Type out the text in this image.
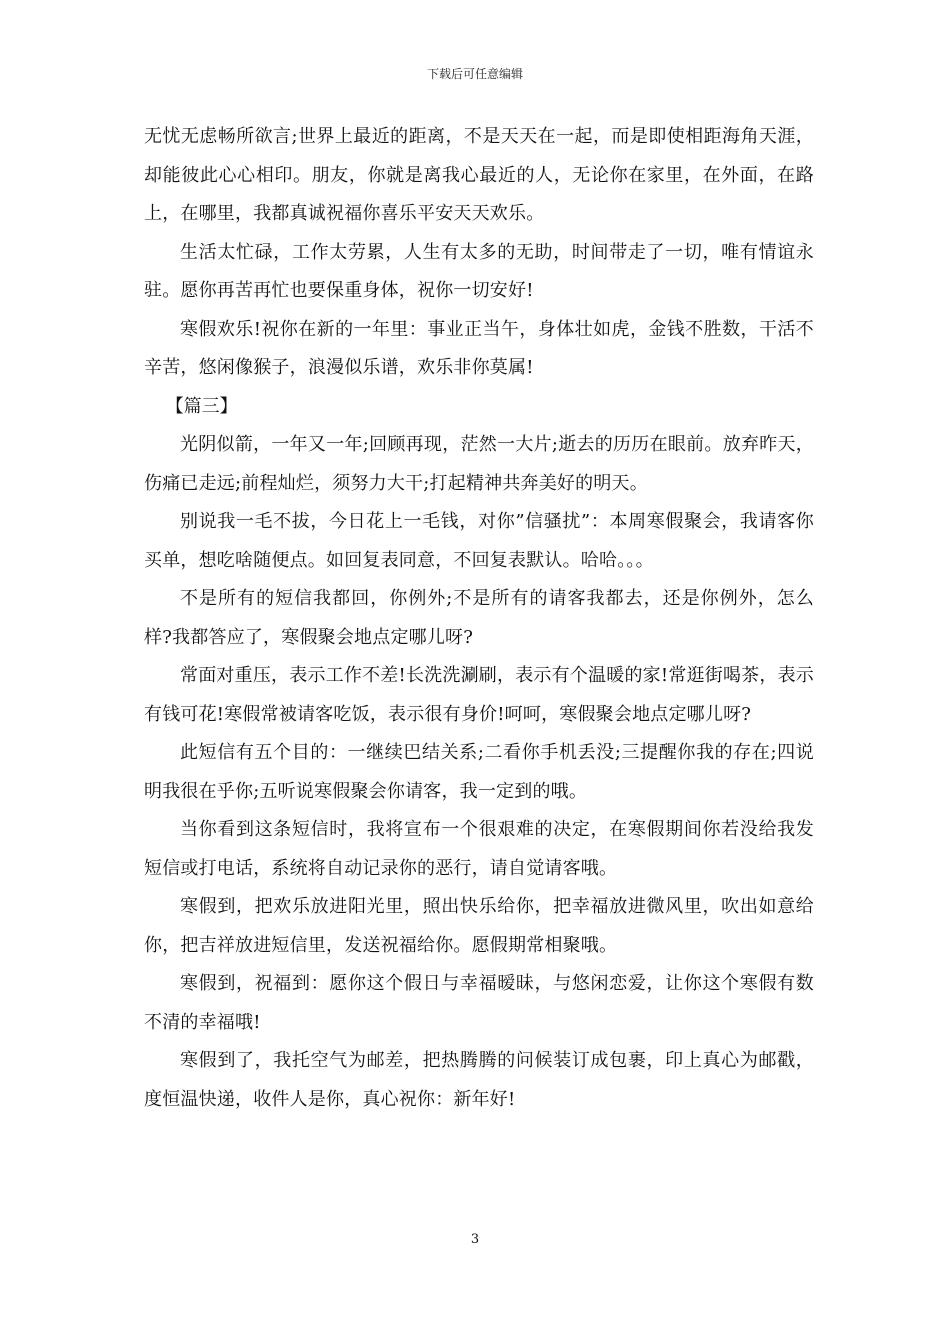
下载后可任意编辑

无忧无虑畅所欲言;世界上最近的距离，不是天天在一起，而是即使相距海角天涯，却能彼此心心相印。朋友，你就是离我心最近的人，无论你在家里，在外面，在路上，在哪里，我都真诚祝福你喜乐平安天天欢乐。

生活太忙碌，工作太劳累，人生有太多的无助，时间带走了一切，唯有情谊永驻。愿你再苦再忙也要保重身体，祝你一切安好!

寒假欢乐!祝你在新的一年里：事业正当午，身体壮如虎，金钱不胜数，干活不辛苦，悠闲像猴子，浪漫似乐谱，欢乐非你莫属!

【篇三】

光阴似箭，一年又一年;回顾再现，茫然一大片;逝去的历历在眼前。放弃昨天，伤痛已走远;前程灿烂，须努力大干;打起精神共奔美好的明天。

别说我一毛不拔，今日花上一毛钱，对你”信骚扰”：本周寒假聚会，我请客你买单，想吃啥随便点。如回复表同意，不回复表默认。哈哈。。。

不是所有的短信我都回，你例外;不是所有的请客我都去，还是你例外，怎么样?我都答应了，寒假聚会地点定哪儿呀?

常面对重压，表示工作不差!长洗洗涮刷，表示有个温暖的家!常逛街喝茶，表示有钱可花!寒假常被请客吃饭，表示很有身价!呵呵，寒假聚会地点定哪儿呀?

此短信有五个目的：一继续巴结关系;二看你手机丢没;三提醒你我的存在;四说明我很在乎你;五听说寒假聚会你请客，我一定到的哦。

当你看到这条短信时，我将宣布一个很艰难的决定，在寒假期间你若没给我发短信或打电话，系统将自动记录你的恶行，请自觉请客哦。

寒假到，把欢乐放进阳光里，照出快乐给你，把幸福放进微风里，吹出如意给你，把吉祥放进短信里，发送祝福给你。愿假期常相聚哦。

寒假到，祝福到：愿你这个假日与幸福暧昧，与悠闲恋爱，让你这个寒假有数不清的幸福哦!

寒假到了，我托空气为邮差，把热腾腾的问候装订成包裹，印上真心为邮戳，度恒温快递，收件人是你，真心祝你：新年好!

3
